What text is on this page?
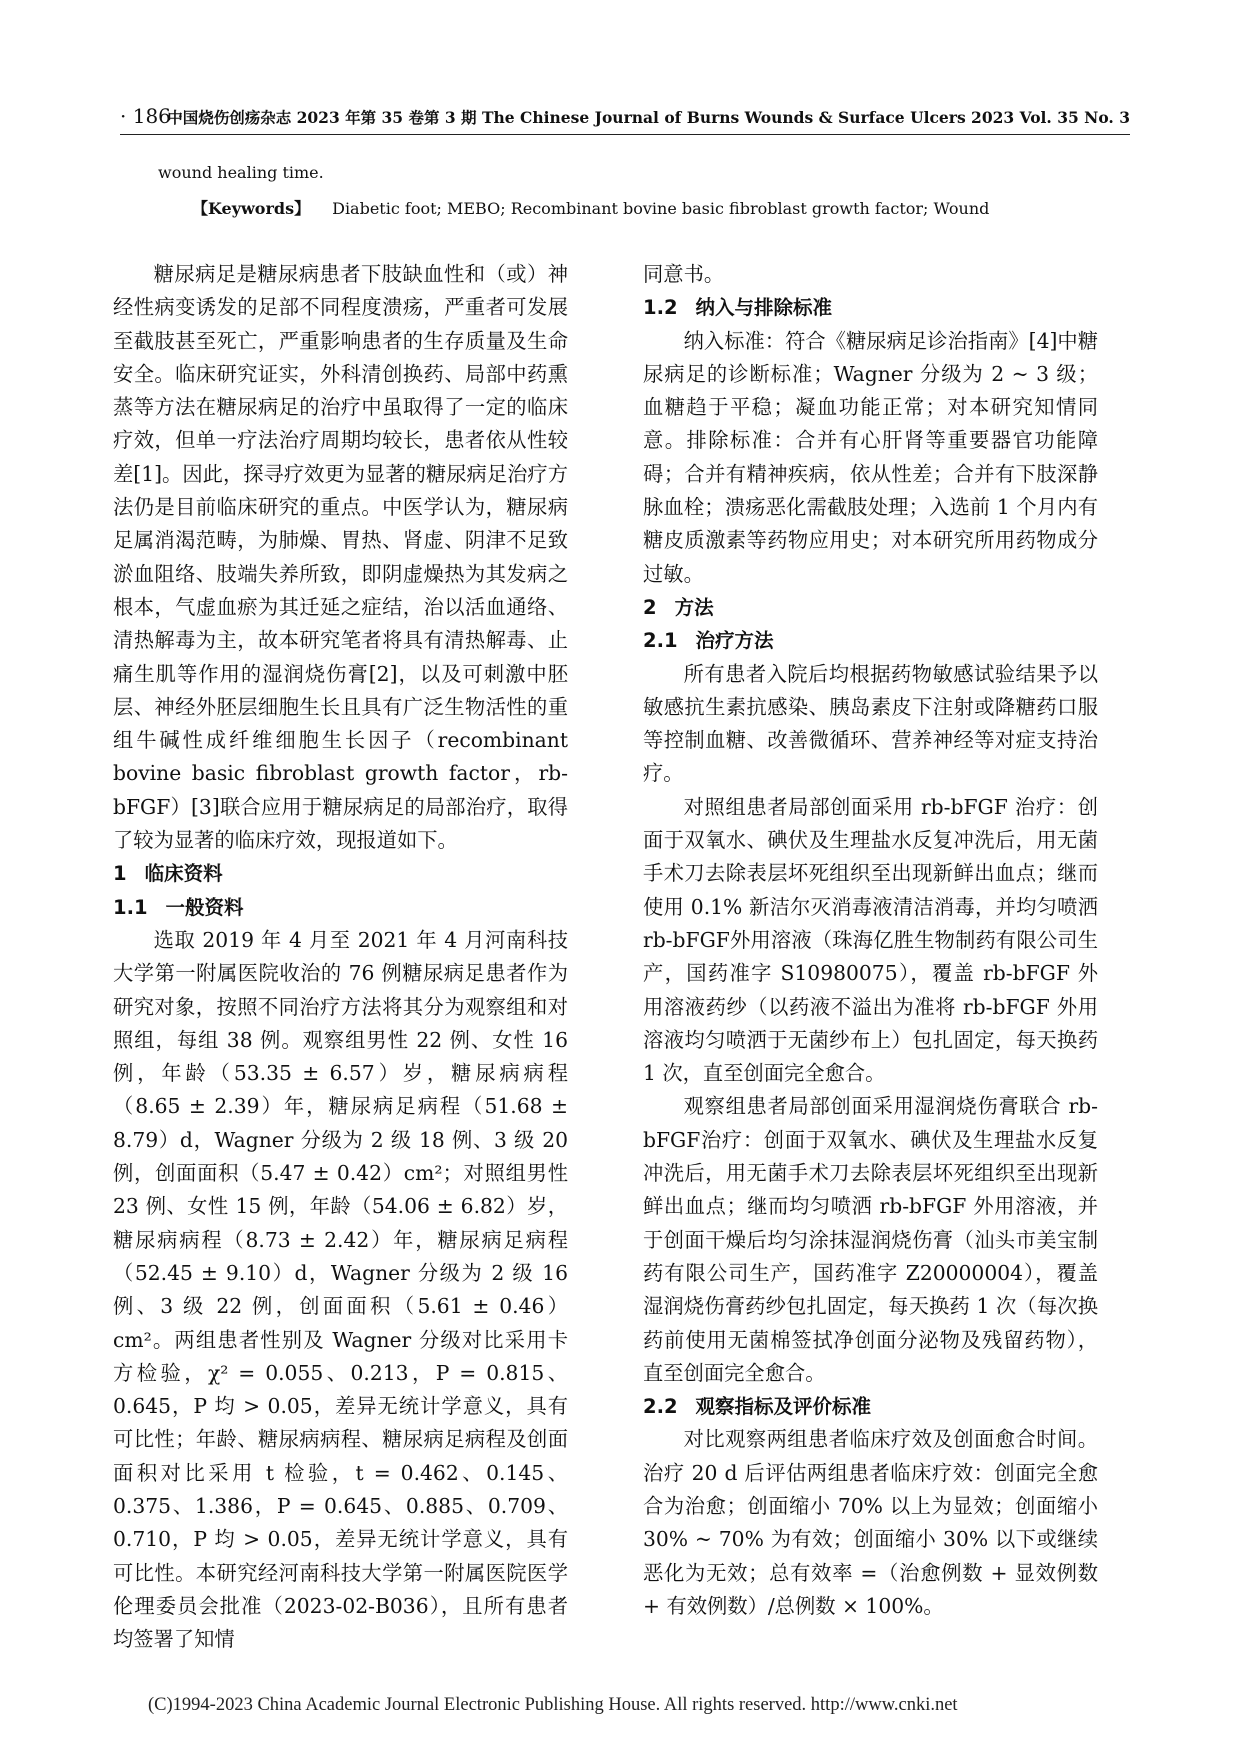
· 186 ·
中国烧伤创疡杂志 2023 年第 35 卷第 3 期 The Chinese Journal of Burns Wounds & Surface Ulcers 2023 Vol. 35 No. 3
wound healing time.
【Keywords】 Diabetic foot; MEBO; Recombinant bovine basic fibroblast growth factor; Wound

糖尿病足是糖尿病患者下肢缺血性和（或）神经性病变诱发的足部不同程度溃疡，严重者可发展至截肢甚至死亡，严重影响患者的生存质量及生命安全。临床研究证实，外科清创换药、局部中药熏蒸等方法在糖尿病足的治疗中虽取得了一定的临床疗效，但单一疗法治疗周期均较长，患者依从性较差[1]。因此，探寻疗效更为显著的糖尿病足治疗方法仍是目前临床研究的重点。中医学认为，糖尿病足属消渴范畴，为肺燥、胃热、肾虚、阴津不足致淤血阻络、肢端失养所致，即阴虚燥热为其发病之根本，气虚血瘀为其迁延之症结，治以活血通络、清热解毒为主，故本研究笔者将具有清热解毒、止痛生肌等作用的湿润烧伤膏[2]，以及可刺激中胚层、神经外胚层细胞生长且具有广泛生物活性的重组牛碱性成纤维细胞生长因子（recombinant bovine basic fibroblast growth factor，rb-bFGF）[3]联合应用于糖尿病足的局部治疗，取得了较为显著的临床疗效，现报道如下。

1 临床资料

1.1 一般资料

选取 2019 年 4 月至 2021 年 4 月河南科技大学第一附属医院收治的 76 例糖尿病足患者作为研究对象，按照不同治疗方法将其分为观察组和对照组，每组 38 例。观察组男性 22 例、女性 16 例，年龄（53.35 ± 6.57）岁，糖尿病病程（8.65 ± 2.39）年，糖尿病足病程（51.68 ± 8.79）d，Wagner 分级为 2 级 18 例、3 级 20 例，创面面积（5.47 ± 0.42）cm²；对照组男性 23 例、女性 15 例，年龄（54.06 ± 6.82）岁，糖尿病病程（8.73 ± 2.42）年，糖尿病足病程（52.45 ± 9.10）d，Wagner 分级为 2 级 16 例、3 级 22 例，创面面积（5.61 ± 0.46）cm²。两组患者性别及 Wagner 分级对比采用卡方检验，χ² = 0.055、0.213，P = 0.815、0.645，P 均 > 0.05，差异无统计学意义，具有可比性；年龄、糖尿病病程、糖尿病足病程及创面面积对比采用 t 检验，t = 0.462、0.145、0.375、1.386，P = 0.645、0.885、0.709、0.710，P 均 > 0.05，差异无统计学意义，具有可比性。本研究经河南科技大学第一附属医院医学伦理委员会批准（2023-02-B036），且所有患者均签署了知情

同意书。

1.2 纳入与排除标准

纳入标准：符合《糖尿病足诊治指南》[4]中糖尿病足的诊断标准；Wagner 分级为 2 ~ 3 级；血糖趋于平稳；凝血功能正常；对本研究知情同意。排除标准：合并有心肝肾等重要器官功能障碍；合并有精神疾病，依从性差；合并有下肢深静脉血栓；溃疡恶化需截肢处理；入选前 1 个月内有糖皮质激素等药物应用史；对本研究所用药物成分过敏。

2 方法

2.1 治疗方法

所有患者入院后均根据药物敏感试验结果予以敏感抗生素抗感染、胰岛素皮下注射或降糖药口服等控制血糖、改善微循环、营养神经等对症支持治疗。

对照组患者局部创面采用 rb-bFGF 治疗：创面于双氧水、碘伏及生理盐水反复冲洗后，用无菌手术刀去除表层坏死组织至出现新鲜出血点；继而使用 0.1% 新洁尔灭消毒液清洁消毒，并均匀喷洒 rb-bFGF外用溶液（珠海亿胜生物制药有限公司生产，国药准字 S10980075），覆盖 rb-bFGF 外用溶液药纱（以药液不溢出为准将 rb-bFGF 外用溶液均匀喷洒于无菌纱布上）包扎固定，每天换药 1 次，直至创面完全愈合。

观察组患者局部创面采用湿润烧伤膏联合 rb-bFGF治疗：创面于双氧水、碘伏及生理盐水反复冲洗后，用无菌手术刀去除表层坏死组织至出现新鲜出血点；继而均匀喷洒 rb-bFGF 外用溶液，并于创面干燥后均匀涂抹湿润烧伤膏（汕头市美宝制药有限公司生产，国药准字 Z20000004），覆盖湿润烧伤膏药纱包扎固定，每天换药 1 次（每次换药前使用无菌棉签拭净创面分泌物及残留药物），直至创面完全愈合。

2.2 观察指标及评价标准

对比观察两组患者临床疗效及创面愈合时间。治疗 20 d 后评估两组患者临床疗效：创面完全愈合为治愈；创面缩小 70% 以上为显效；创面缩小 30% ~ 70% 为有效；创面缩小 30% 以下或继续恶化为无效；总有效率 =（治愈例数 + 显效例数 + 有效例数）/总例数 × 100%。

(C)1994-2023 China Academic Journal Electronic Publishing House. All rights reserved. http://www.cnki.net
